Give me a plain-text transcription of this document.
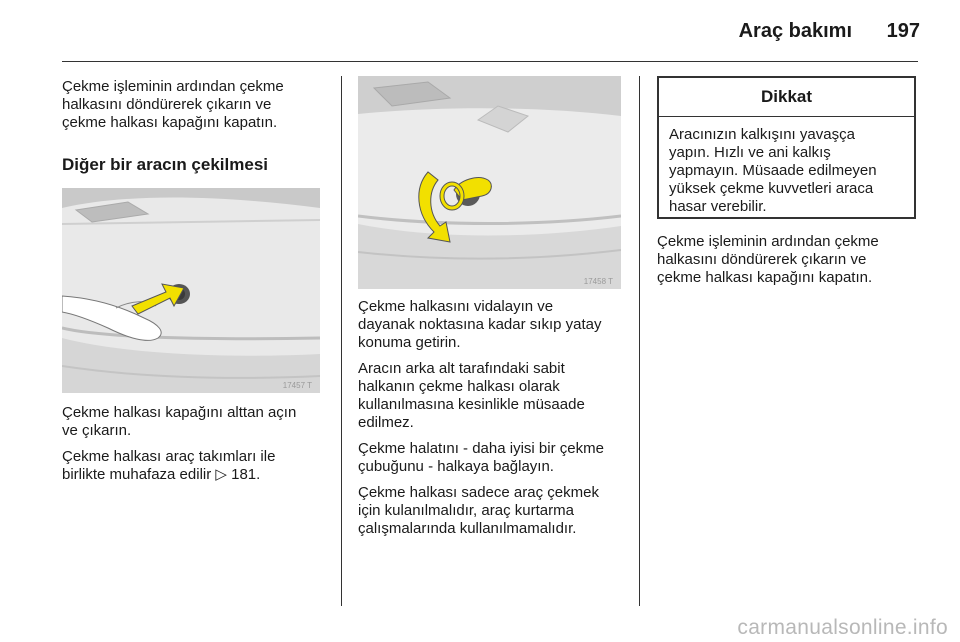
Araç bakımı 197

Çekme işleminin ardından çekme
halkasını döndürerek çıkarın ve
çekme halkası kapağını kapatın.

Diğer bir aracın çekilmesi
17457 T

Çekme halkası kapağını alttan açın
ve çıkarın.

Çekme halkası araç takımları ile
birlikte muhafaza edilir ▷ 181.

17458 T

Çekme halkasını vidalayın ve
dayanak noktasına kadar sıkıp yatay
konuma getirin.

Aracın arka alt tarafındaki sabit
halkanın çekme halkası olarak
kullanılmasına kesinlikle müsaade
edilmez.

Çekme halatını - daha iyisi bir çekme
çubuğunu - halkaya bağlayın.

Çekme halkası sadece araç çekmek
için kulanılmalıdır, araç kurtarma
çalışmalarında kullanılmamalıdır.

Dikkat
Aracınızın kalkışını yavaşça
yapın. Hızlı ve ani kalkış
yapmayın. Müsaade edilmeyen
yüksek çekme kuvvetleri araca
hasar verebilir.

Çekme işleminin ardından çekme
halkasını döndürerek çıkarın ve
çekme halkası kapağını kapatın.

carmanualsonline.info
